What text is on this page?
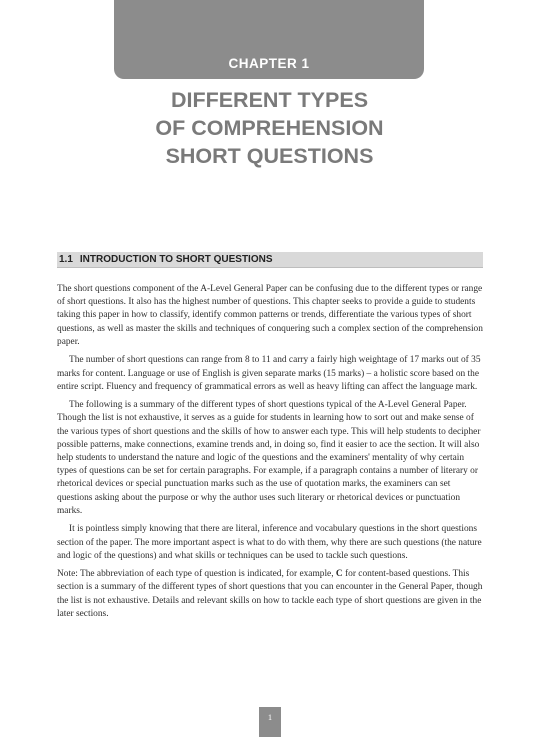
CHAPTER 1
DIFFERENT TYPES
OF COMPREHENSION
SHORT QUESTIONS
1.1 INTRODUCTION TO SHORT QUESTIONS

The short questions component of the A-Level General Paper can be confusing due to the different types or range of short questions. It also has the highest number of questions. This chapter seeks to provide a guide to students taking this paper in how to classify, identify common patterns or trends, differentiate the various types of short questions, as well as master the skills and techniques of conquering such a complex section of the comprehension paper.

The number of short questions can range from 8 to 11 and carry a fairly high weightage of 17 marks out of 35 marks for content. Language or use of English is given separate marks (15 marks) – a holistic score based on the entire script. Fluency and frequency of grammatical errors as well as heavy lifting can affect the language mark.

The following is a summary of the different types of short questions typical of the A-Level General Paper. Though the list is not exhaustive, it serves as a guide for students in learning how to sort out and make sense of the various types of short questions and the skills of how to answer each type. This will help students to decipher possible patterns, make connections, examine trends and, in doing so, find it easier to ace the section. It will also help students to understand the nature and logic of the questions and the examiners' mentality of why certain types of questions can be set for certain paragraphs. For example, if a paragraph contains a number of literary or rhetorical devices or special punctuation marks such as the use of quotation marks, the examiners can set questions asking about the purpose or why the author uses such literary or rhetorical devices or punctuation marks.

It is pointless simply knowing that there are literal, inference and vocabulary questions in the short questions section of the paper. The more important aspect is what to do with them, why there are such questions (the nature and logic of the questions) and what skills or techniques can be used to tackle such questions.

Note: The abbreviation of each type of question is indicated, for example, C for content-based questions. This section is a summary of the different types of short questions that you can encounter in the General Paper, though the list is not exhaustive. Details and relevant skills on how to tackle each type of short questions are given in the later sections.

1
